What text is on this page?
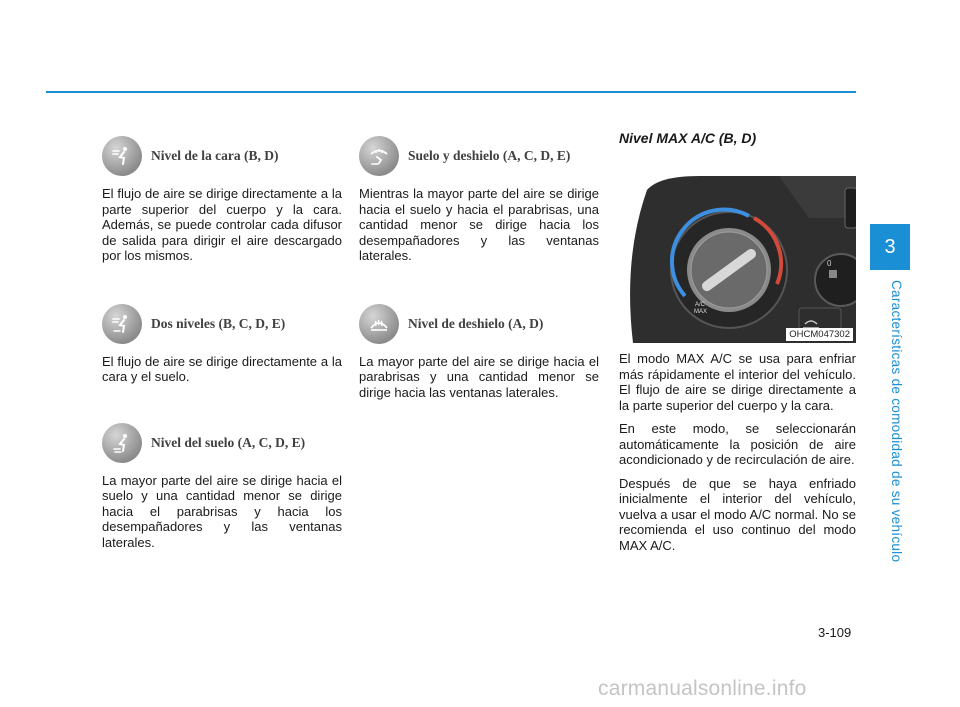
Nivel de la cara (B, D)

El flujo de aire se dirige directamente a la parte superior del cuerpo y la cara. Además, se puede controlar cada difusor de salida para dirigir el aire descargado por los mismos.

Dos niveles (B, C, D, E)

El flujo de aire se dirige directamente a la cara y el suelo.

Nivel del suelo (A, C, D, E)

La mayor parte del aire se dirige hacia el suelo y una cantidad menor se dirige hacia el parabrisas y hacia los desempañadores y las ventanas laterales.

Suelo y deshielo (A, C, D, E)

Mientras la mayor parte del aire se dirige hacia el suelo y hacia el parabrisas, una cantidad menor se dirige hacia los desempañadores y las ventanas laterales.

Nivel de deshielo (A, D)

La mayor parte del aire se dirige hacia el parabrisas y una cantidad menor se dirige hacia las ventanas laterales.

Nivel MAX A/C (B, D)
A/C
MAX
0
OHCM047302

El modo MAX A/C se usa para enfriar más rápidamente el interior del vehículo. El flujo de aire se dirige directamente a la parte superior del cuerpo y la cara.

En este modo, se seleccionarán automáticamente la posición de aire acondicionado y de recirculación de aire.

Después de que se haya enfriado inicialmente el interior del vehículo, vuelva a usar el modo A/C normal. No se recomienda el uso continuo del modo MAX A/C.

3
Características de comodidad de su vehículo
3-109
carmanualsonline.info
